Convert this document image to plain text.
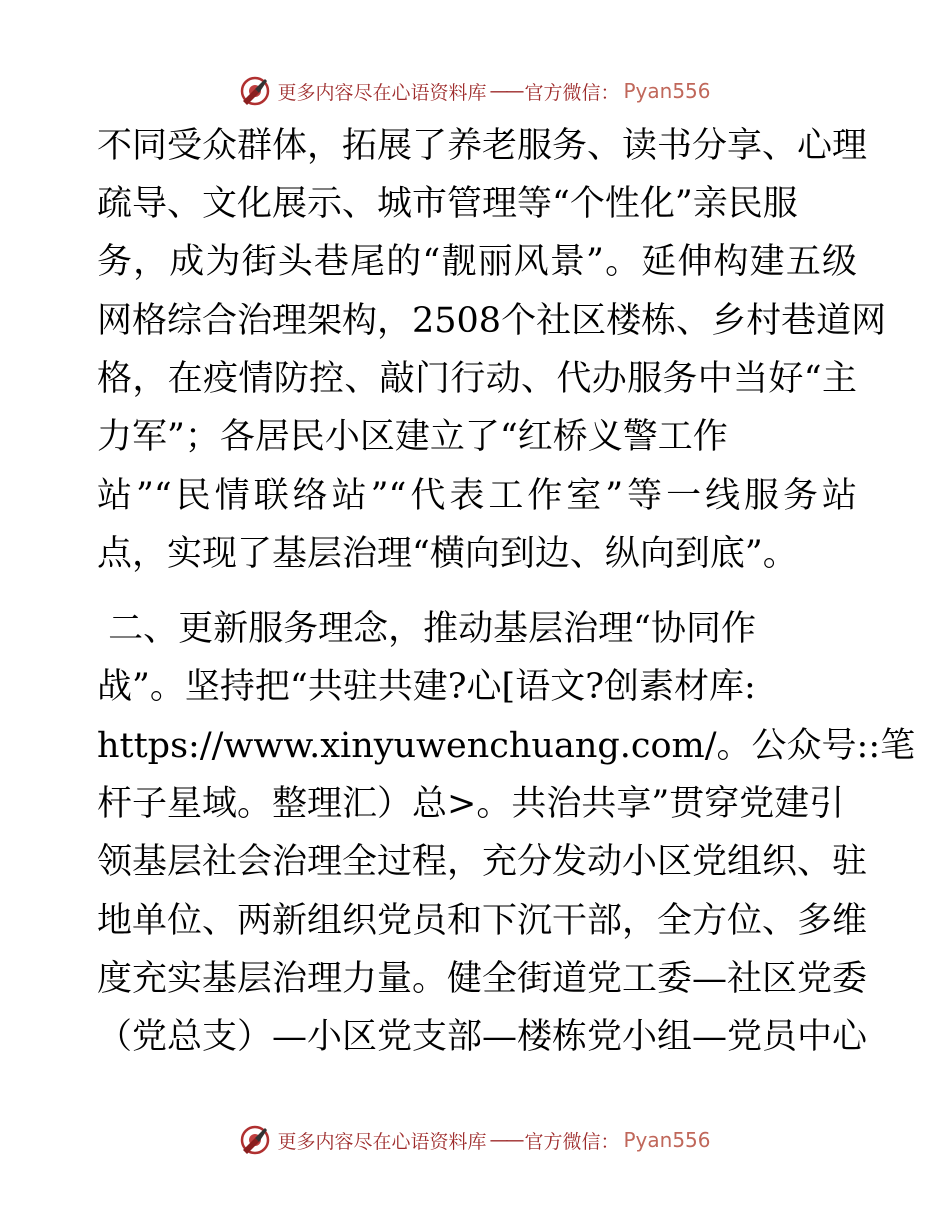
更多内容尽在心语资料库 —— 官方微信： Pyan556
不同受众群体，拓展了养老服务、读书分享、心理
疏导、文化展示、城市管理等“个性化”亲民服
务，成为街头巷尾的“靓丽风景”。延伸构建五级
网格综合治理架构，2508个社区楼栋、乡村巷道网
格，在疫情防控、敲门行动、代办服务中当好“主
力军”；各居民小区建立了“红桥义警工作
站”“民情联络站”“代表工作室”等一线服务站
点，实现了基层治理“横向到边、纵向到底”。
二、更新服务理念，推动基层治理“协同作
战”。坚持把“共驻共建?心[语文?创素材库:
https://www.xinyuwenchuang.com/。公众号::笔
杆子星域。整理汇）总>。共治共享”贯穿党建引
领基层社会治理全过程，充分发动小区党组织、驻
地单位、两新组织党员和下沉干部，全方位、多维
度充实基层治理力量。健全街道党工委—社区党委
（党总支）—小区党支部—楼栋党小组—党员中心
更多内容尽在心语资料库 —— 官方微信： Pyan556
